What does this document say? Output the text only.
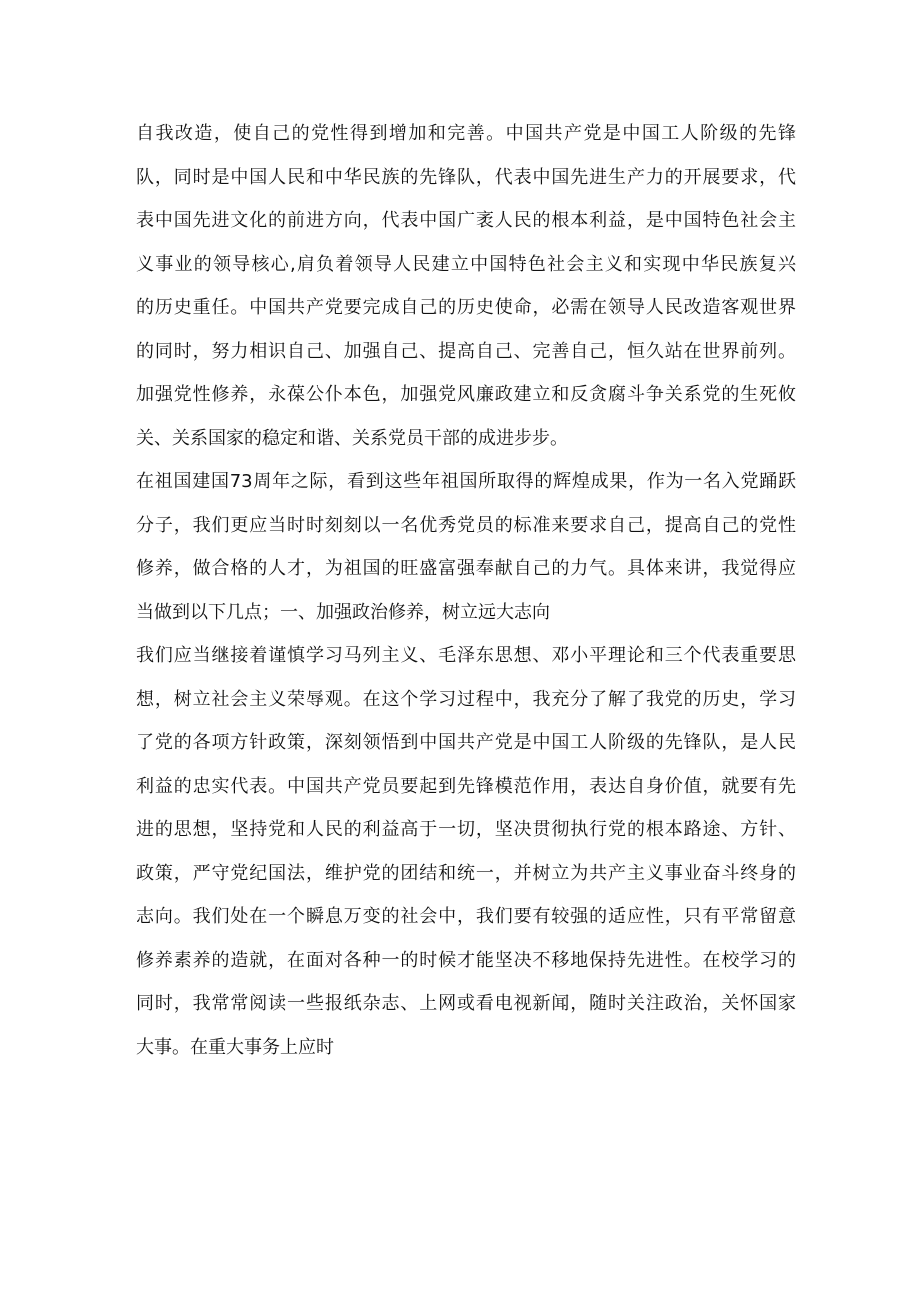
自我改造，使自己的党性得到增加和完善。中国共产党是中国工人阶级的先锋
队，同时是中国人民和中华民族的先锋队，代表中国先进生产力的开展要求，代
表中国先进文化的前进方向，代表中国广袤人民的根本利益，是中国特色社会主
义事业的领导核心,肩负着领导人民建立中国特色社会主义和实现中华民族复兴
的历史重任。中国共产党要完成自己的历史使命，必需在领导人民改造客观世界
的同时，努力相识自己、加强自己、提高自己、完善自己，恒久站在世界前列。
加强党性修养，永葆公仆本色，加强党风廉政建立和反贪腐斗争关系党的生死攸
关、关系国家的稳定和谐、关系党员干部的成进步步。
在祖国建国73周年之际，看到这些年祖国所取得的辉煌成果，作为一名入党踊跃
分子，我们更应当时时刻刻以一名优秀党员的标准来要求自己，提高自己的党性
修养，做合格的人才，为祖国的旺盛富强奉献自己的力气。具体来讲，我觉得应
当做到以下几点；一、加强政治修养，树立远大志向
我们应当继接着谨慎学习马列主义、毛泽东思想、邓小平理论和三个代表重要思
想，树立社会主义荣辱观。在这个学习过程中，我充分了解了我党的历史，学习
了党的各项方针政策，深刻领悟到中国共产党是中国工人阶级的先锋队，是人民
利益的忠实代表。中国共产党员要起到先锋模范作用，表达自身价值，就要有先
进的思想，坚持党和人民的利益高于一切，坚决贯彻执行党的根本路途、方针、
政策，严守党纪国法，维护党的团结和统一，并树立为共产主义事业奋斗终身的
志向。我们处在一个瞬息万变的社会中，我们要有较强的适应性，只有平常留意
修养素养的造就，在面对各种一的时候才能坚决不移地保持先进性。在校学习的
同时，我常常阅读一些报纸杂志、上网或看电视新闻，随时关注政治，关怀国家
大事。在重大事务上应时
